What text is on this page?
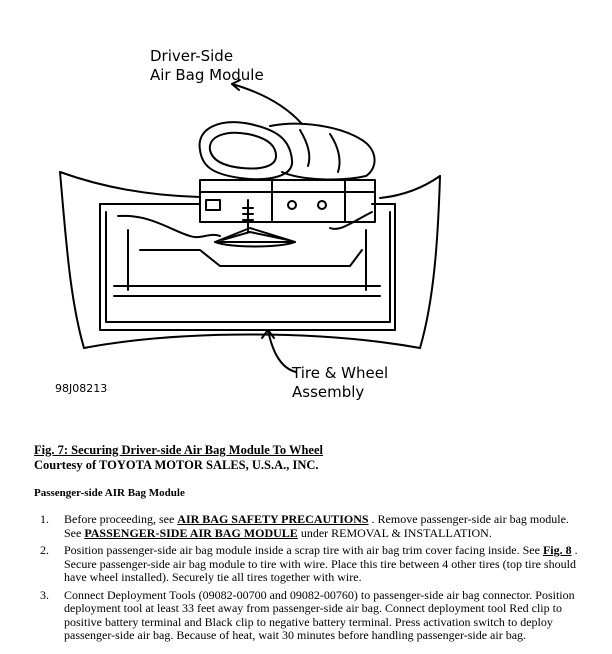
Driver-Side
Air Bag Module
Tire & Wheel
Assembly
98J08213
Fig. 7: Securing Driver-side Air Bag Module To Wheel
Courtesy of TOYOTA MOTOR SALES, U.S.A., INC.
Passenger-side AIR Bag Module
1. Before proceeding, see AIR BAG SAFETY PRECAUTIONS . Remove passenger-side air bag module. See PASSENGER-SIDE AIR BAG MODULE under REMOVAL & INSTALLATION.
2. Position passenger-side air bag module inside a scrap tire with air bag trim cover facing inside. See Fig. 8 . Secure passenger-side air bag module to tire with wire. Place this tire between 4 other tires (top tire should have wheel installed). Securely tie all tires together with wire.
3. Connect Deployment Tools (09082-00700 and 09082-00760) to passenger-side air bag connector. Position deployment tool at least 33 feet away from passenger-side air bag. Connect deployment tool Red clip to positive battery terminal and Black clip to negative battery terminal. Press activation switch to deploy passenger-side air bag. Because of heat, wait 30 minutes before handling passenger-side air bag.
